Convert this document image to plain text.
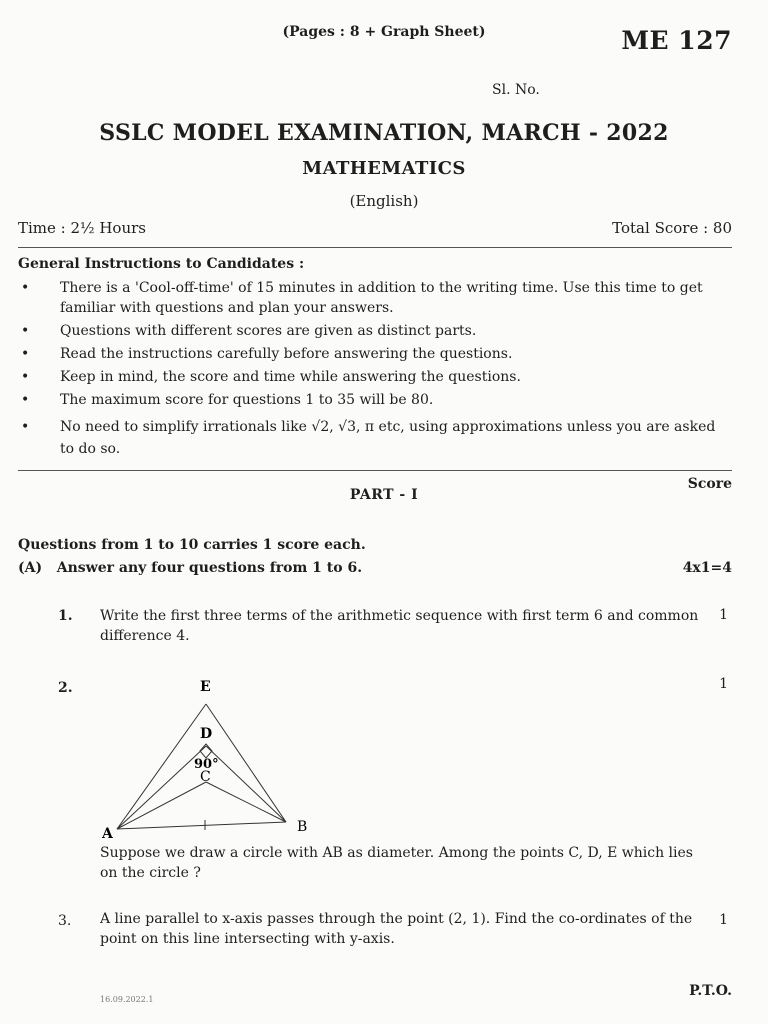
(Pages : 8 + Graph Sheet)	ME 127
Sl. No.
SSLC MODEL EXAMINATION, MARCH - 2022
MATHEMATICS
(English)
Time : 2½ Hours	Total Score : 80
General Instructions to Candidates :
• There is a 'Cool-off-time' of 15 minutes in addition to the writing time. Use this time to get familiar with questions and plan your answers.
• Questions with different scores are given as distinct parts.
• Read the instructions carefully before answering the questions.
• Keep in mind, the score and time while answering the questions.
• The maximum score for questions 1 to 35 will be 80.
• No need to simplify irrationals like √2, √3, π etc, using approximations unless you are asked to do so.
Score
PART - I
Questions from 1 to 10 carries 1 score each.
(A) Answer any four questions from 1 to 6.	4x1=4
1. Write the first three terms of the arithmetic sequence with first term 6 and common difference 4.
1
2.	1
E
D
90°
C
A	B
Suppose we draw a circle with AB as diameter. Among the points C, D, E which lies on the circle ?
3. A line parallel to x-axis passes through the point (2, 1). Find the co-ordinates of the point on this line intersecting with y-axis.
1
P.T.O.
16.09.2022.1
